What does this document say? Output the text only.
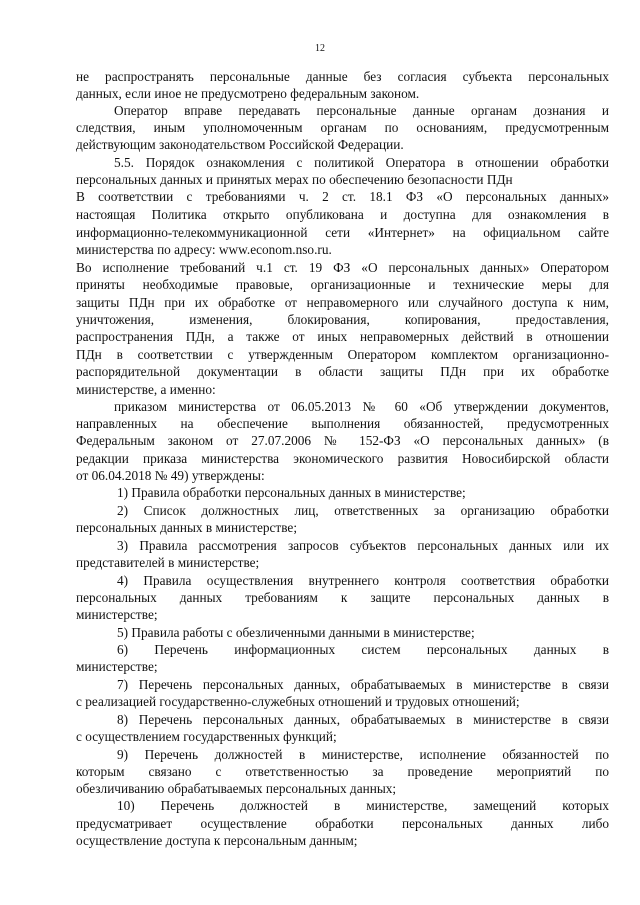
12
не распространять персональные данные без согласия субъекта персональных
данных, если иное не предусмотрено федеральным законом.
Оператор вправе передавать персональные данные органам дознания и
следствия, иным уполномоченным органам по основаниям, предусмотренным
действующим законодательством Российской Федерации.
5.5. Порядок ознакомления с политикой Оператора в отношении обработки
персональных данных и принятых мерах по обеспечению безопасности ПДн
В соответствии с требованиями ч. 2 ст. 18.1 ФЗ «О персональных данных»
настоящая Политика открыто опубликована и доступна для ознакомления в
информационно-телекоммуникационной сети «Интернет» на официальном сайте
министерства по адресу: www.econom.nso.ru.
Во исполнение требований ч.1 ст. 19 ФЗ «О персональных данных» Оператором
приняты необходимые правовые, организационные и технические меры для
защиты ПДн при их обработке от неправомерного или случайного доступа к ним,
уничтожения, изменения, блокирования, копирования, предоставления,
распространения ПДн, а также от иных неправомерных действий в отношении
ПДн в соответствии с утвержденным Оператором комплектом организационно-
распорядительной документации в области защиты ПДн при их обработке
министерстве, а именно:
приказом министерства от 06.05.2013 № 60 «Об утверждении документов,
направленных на обеспечение выполнения обязанностей, предусмотренных
Федеральным законом от 27.07.2006 № 152-ФЗ «О персональных данных» (в
редакции приказа министерства экономического развития Новосибирской области
от 06.04.2018 № 49) утверждены:
1) Правила обработки персональных данных в министерстве;
2) Список должностных лиц, ответственных за организацию обработки
персональных данных в министерстве;
3) Правила рассмотрения запросов субъектов персональных данных или их
представителей в министерстве;
4) Правила осуществления внутреннего контроля соответствия обработки
персональных данных требованиям к защите персональных данных в
министерстве;
5) Правила работы с обезличенными данными в министерстве;
6) Перечень информационных систем персональных данных в
министерстве;
7) Перечень персональных данных, обрабатываемых в министерстве в связи
с реализацией государственно-служебных отношений и трудовых отношений;
8) Перечень персональных данных, обрабатываемых в министерстве в связи
с осуществлением государственных функций;
9) Перечень должностей в министерстве, исполнение обязанностей по
которым связано с ответственностью за проведение мероприятий по
обезличиванию обрабатываемых персональных данных;
10) Перечень должностей в министерстве, замещений которых
предусматривает осуществление обработки персональных данных либо
осуществление доступа к персональным данным;
